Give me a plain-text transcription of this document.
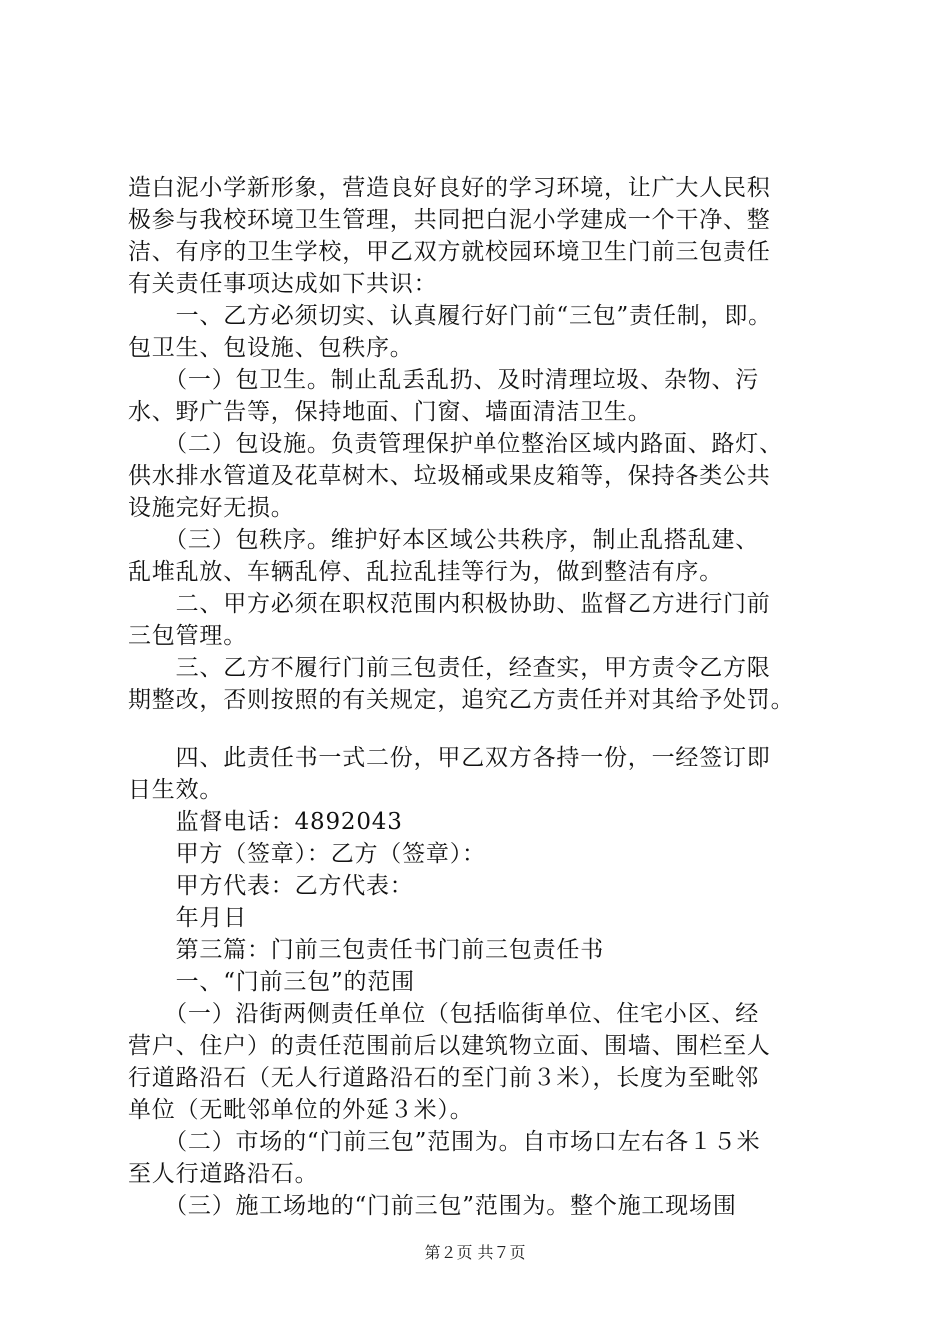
造白泥小学新形象，营造良好良好的学习环境，让广大人民积
极参与我校环境卫生管理，共同把白泥小学建成一个干净、整
洁、有序的卫生学校，甲乙双方就校园环境卫生门前三包责任
有关责任事项达成如下共识：
　　一、乙方必须切实、认真履行好门前“三包”责任制，即。
包卫生、包设施、包秩序。
　　（一）包卫生。制止乱丢乱扔、及时清理垃圾、杂物、污
水、野广告等，保持地面、门窗、墙面清洁卫生。
　　（二）包设施。负责管理保护单位整治区域内路面、路灯、
供水排水管道及花草树木、垃圾桶或果皮箱等，保持各类公共
设施完好无损。
　　（三）包秩序。维护好本区域公共秩序，制止乱搭乱建、
乱堆乱放、车辆乱停、乱拉乱挂等行为，做到整洁有序。
　　二、甲方必须在职权范围内积极协助、监督乙方进行门前
三包管理。
　　三、乙方不履行门前三包责任，经查实，甲方责令乙方限
期整改，否则按照的有关规定，追究乙方责任并对其给予处罚。
　　四、此责任书一式二份，甲乙双方各持一份，一经签订即
日生效。
　　监督电话：4892043
　　甲方（签章）：乙方（签章）：
　　甲方代表：乙方代表：
　　年月日
　　第三篇：门前三包责任书门前三包责任书
　　一、“门前三包”的范围
　　（一）沿街两侧责任单位（包括临街单位、住宅小区、经
营户、住户）的责任范围前后以建筑物立面、围墙、围栏至人
行道路沿石（无人行道路沿石的至门前３米），长度为至毗邻
单位（无毗邻单位的外延３米）。
　　（二）市场的“门前三包”范围为。自市场口左右各１５米
至人行道路沿石。
　　（三）施工场地的“门前三包”范围为。整个施工现场围
第２页 共７页
